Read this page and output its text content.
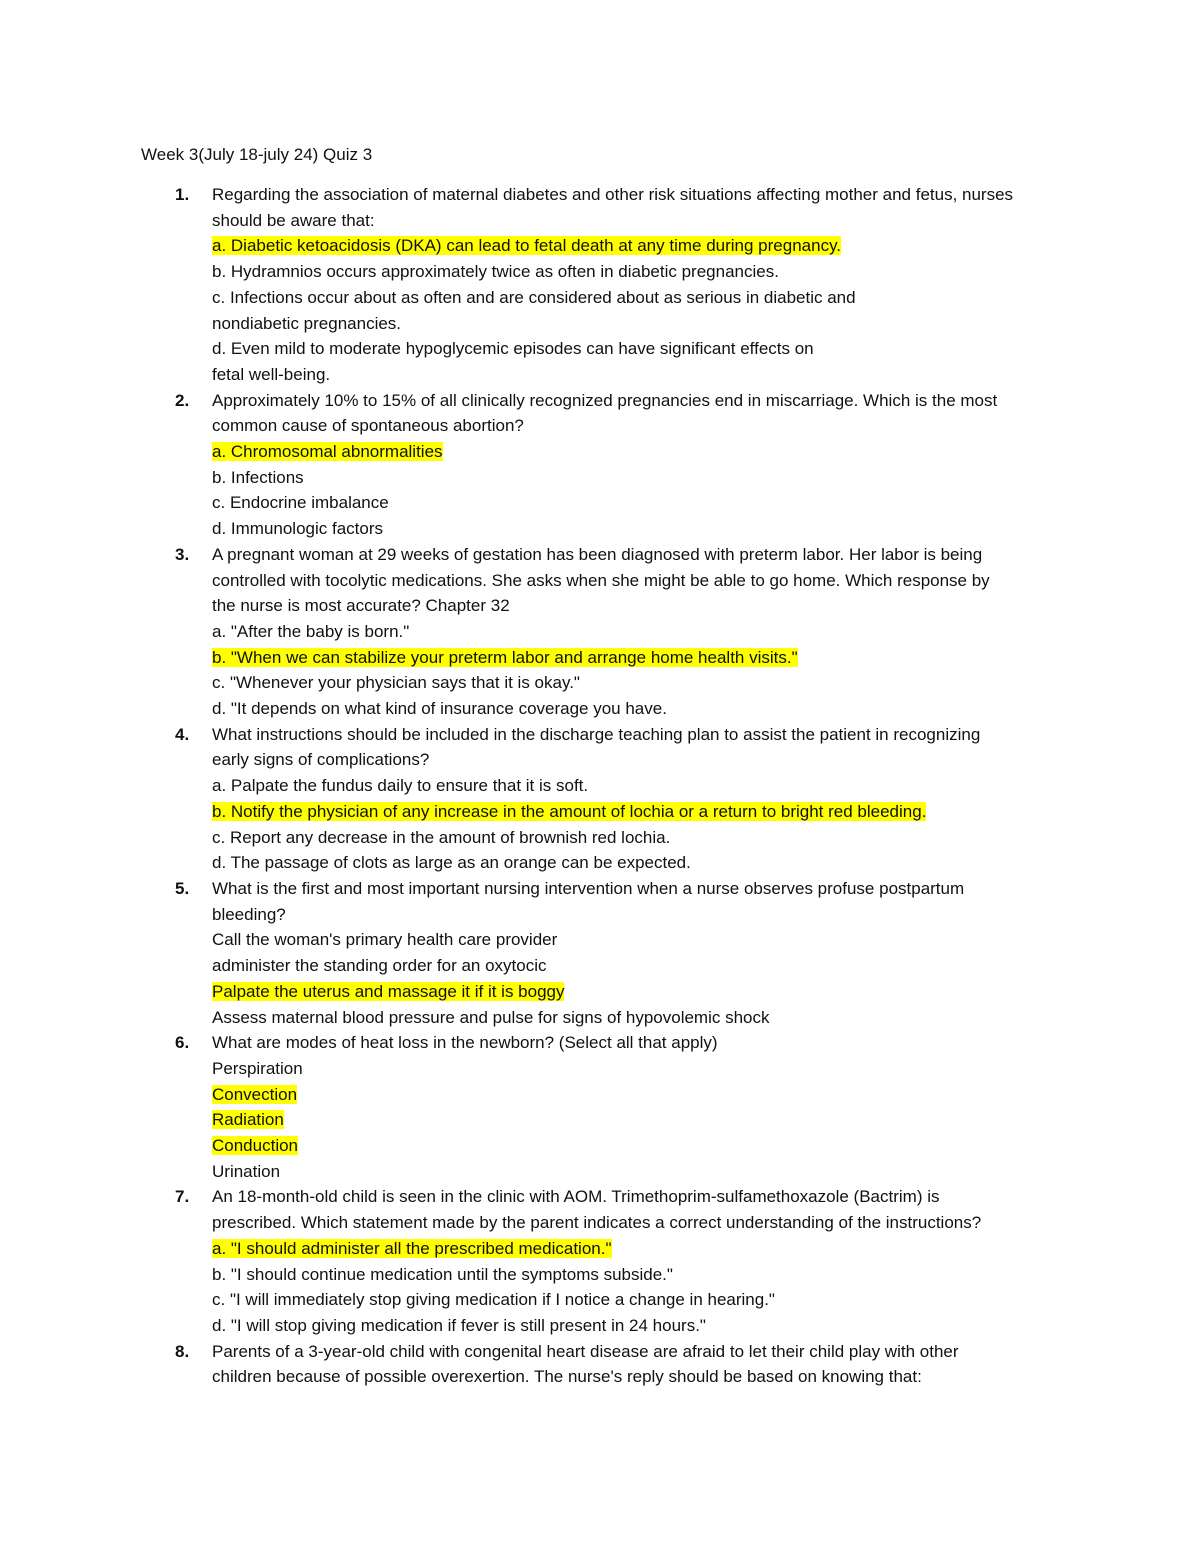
Week 3(July 18-july 24) Quiz 3
1. Regarding the association of maternal diabetes and other risk situations affecting mother and fetus, nurses
should be aware that:
a. Diabetic ketoacidosis (DKA) can lead to fetal death at any time during pregnancy.
b. Hydramnios occurs approximately twice as often in diabetic pregnancies.
c. Infections occur about as often and are considered about as serious in diabetic and
nondiabetic pregnancies.
d. Even mild to moderate hypoglycemic episodes can have significant effects on
fetal well-being.
2. Approximately 10% to 15% of all clinically recognized pregnancies end in miscarriage. Which is the most
common cause of spontaneous abortion?
a. Chromosomal abnormalities
b. Infections
c. Endocrine imbalance
d. Immunologic factors
3. A pregnant woman at 29 weeks of gestation has been diagnosed with preterm labor. Her labor is being
controlled with tocolytic medications. She asks when she might be able to go home. Which response by
the nurse is most accurate? Chapter 32
a. "After the baby is born."
b. "When we can stabilize your preterm labor and arrange home health visits."
c. "Whenever your physician says that it is okay."
d. "It depends on what kind of insurance coverage you have.
4. What instructions should be included in the discharge teaching plan to assist the patient in recognizing
early signs of complications?
a. Palpate the fundus daily to ensure that it is soft.
b. Notify the physician of any increase in the amount of lochia or a return to bright red bleeding.
c. Report any decrease in the amount of brownish red lochia.
d. The passage of clots as large as an orange can be expected.
5. What is the first and most important nursing intervention when a nurse observes profuse postpartum
bleeding?
Call the woman's primary health care provider
administer the standing order for an oxytocic
Palpate the uterus and massage it if it is boggy
Assess maternal blood pressure and pulse for signs of hypovolemic shock
6. What are modes of heat loss in the newborn? (Select all that apply)
Perspiration
Convection
Radiation
Conduction
Urination
7. An 18-month-old child is seen in the clinic with AOM. Trimethoprim-sulfamethoxazole (Bactrim) is
prescribed. Which statement made by the parent indicates a correct understanding of the instructions?
a. "I should administer all the prescribed medication."
b. "I should continue medication until the symptoms subside."
c. "I will immediately stop giving medication if I notice a change in hearing."
d. "I will stop giving medication if fever is still present in 24 hours."
8. Parents of a 3-year-old child with congenital heart disease are afraid to let their child play with other
children because of possible overexertion. The nurse's reply should be based on knowing that:
